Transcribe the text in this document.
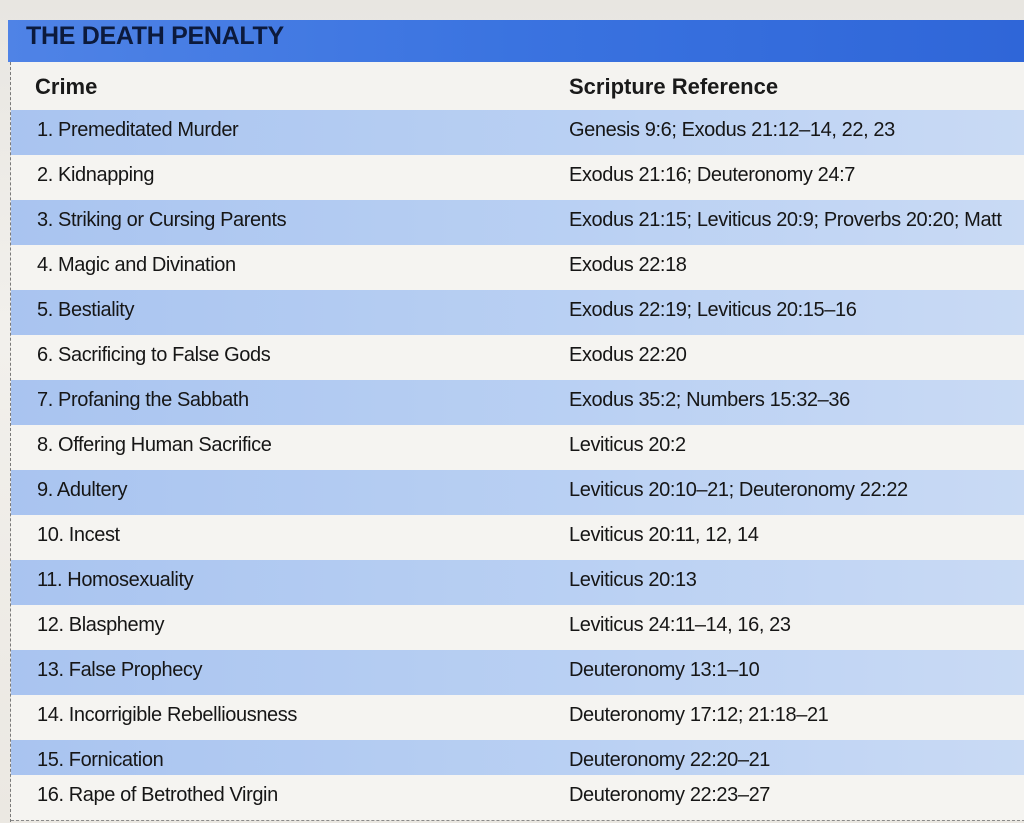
THE DEATH PENALTY
Crime	Scripture Reference
1. Premeditated Murder	Genesis 9:6; Exodus 21:12–14, 22, 23
2. Kidnapping	Exodus 21:16; Deuteronomy 24:7
3. Striking or Cursing Parents	Exodus 21:15; Leviticus 20:9; Proverbs 20:20; Matt
4. Magic and Divination	Exodus 22:18
5. Bestiality	Exodus 22:19; Leviticus 20:15–16
6. Sacrificing to False Gods	Exodus 22:20
7. Profaning the Sabbath	Exodus 35:2; Numbers 15:32–36
8. Offering Human Sacrifice	Leviticus 20:2
9. Adultery	Leviticus 20:10–21; Deuteronomy 22:22
10. Incest	Leviticus 20:11, 12, 14
11. Homosexuality	Leviticus 20:13
12. Blasphemy	Leviticus 24:11–14, 16, 23
13. False Prophecy	Deuteronomy 13:1–10
14. Incorrigible Rebelliousness	Deuteronomy 17:12; 21:18–21
15. Fornication	Deuteronomy 22:20–21
16. Rape of Betrothed Virgin	Deuteronomy 22:23–27
